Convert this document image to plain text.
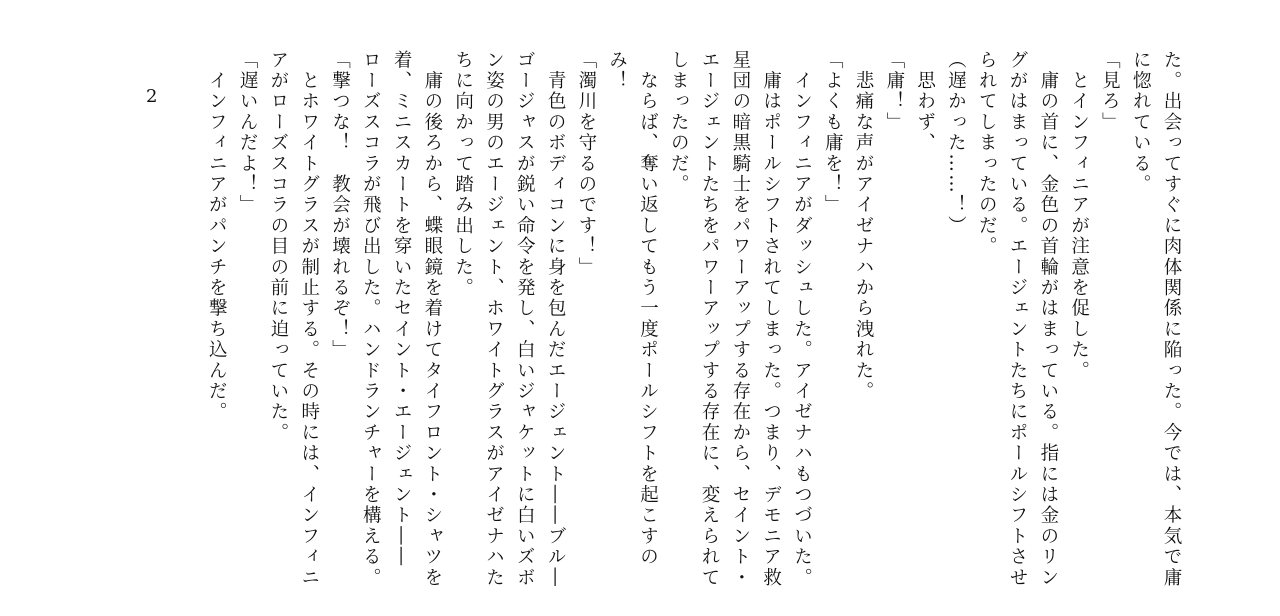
2	た。出会ってすぐに肉体関係に陥った。今では、本気で庸
に惚れている。
「見ろ」
　とインフィニアが注意を促した。
　庸の首に、金色の首輪がはまっている。指には金のリン
グがはまっている。エージェントたちにポールシフトさせ
られてしまったのだ。
（遅かった……！）
　思わず、
「庸！」
　悲痛な声がアイゼナハから洩れた。
「よくも庸を！」
　インフィニアがダッシュした。アイゼナハもつづいた。
　庸はポールシフトされてしまった。つまり、デモニア救
星団の暗黒騎士をパワーアップする存在から、セイント・
エージェントたちをパワーアップする存在に、変えられて
しまったのだ。
　ならば、奪い返してもう一度ポールシフトを起こすの
み！
「濁川を守るのです！」
　青色のボディコンに身を包んだエージェント――ブル―
ゴージャスが鋭い命令を発し、白いジャケットに白いズボ
ン姿の男のエージェント、ホワイトグラスがアイゼナハた
ちに向かって踏み出した。
　庸の後ろから、蝶眼鏡を着けてタイフロント・シャツを
着、ミニスカートを穿いたセイント・エージェント――
ローズスコラが飛び出した。ハンドランチャーを構える。
「撃つな！　教会が壊れるぞ！」
　とホワイトグラスが制止する。その時には、インフィニ
アがローズスコラの目の前に迫っていた。
「遅いんだよ！」
　インフィニアがパンチを撃ち込んだ。
